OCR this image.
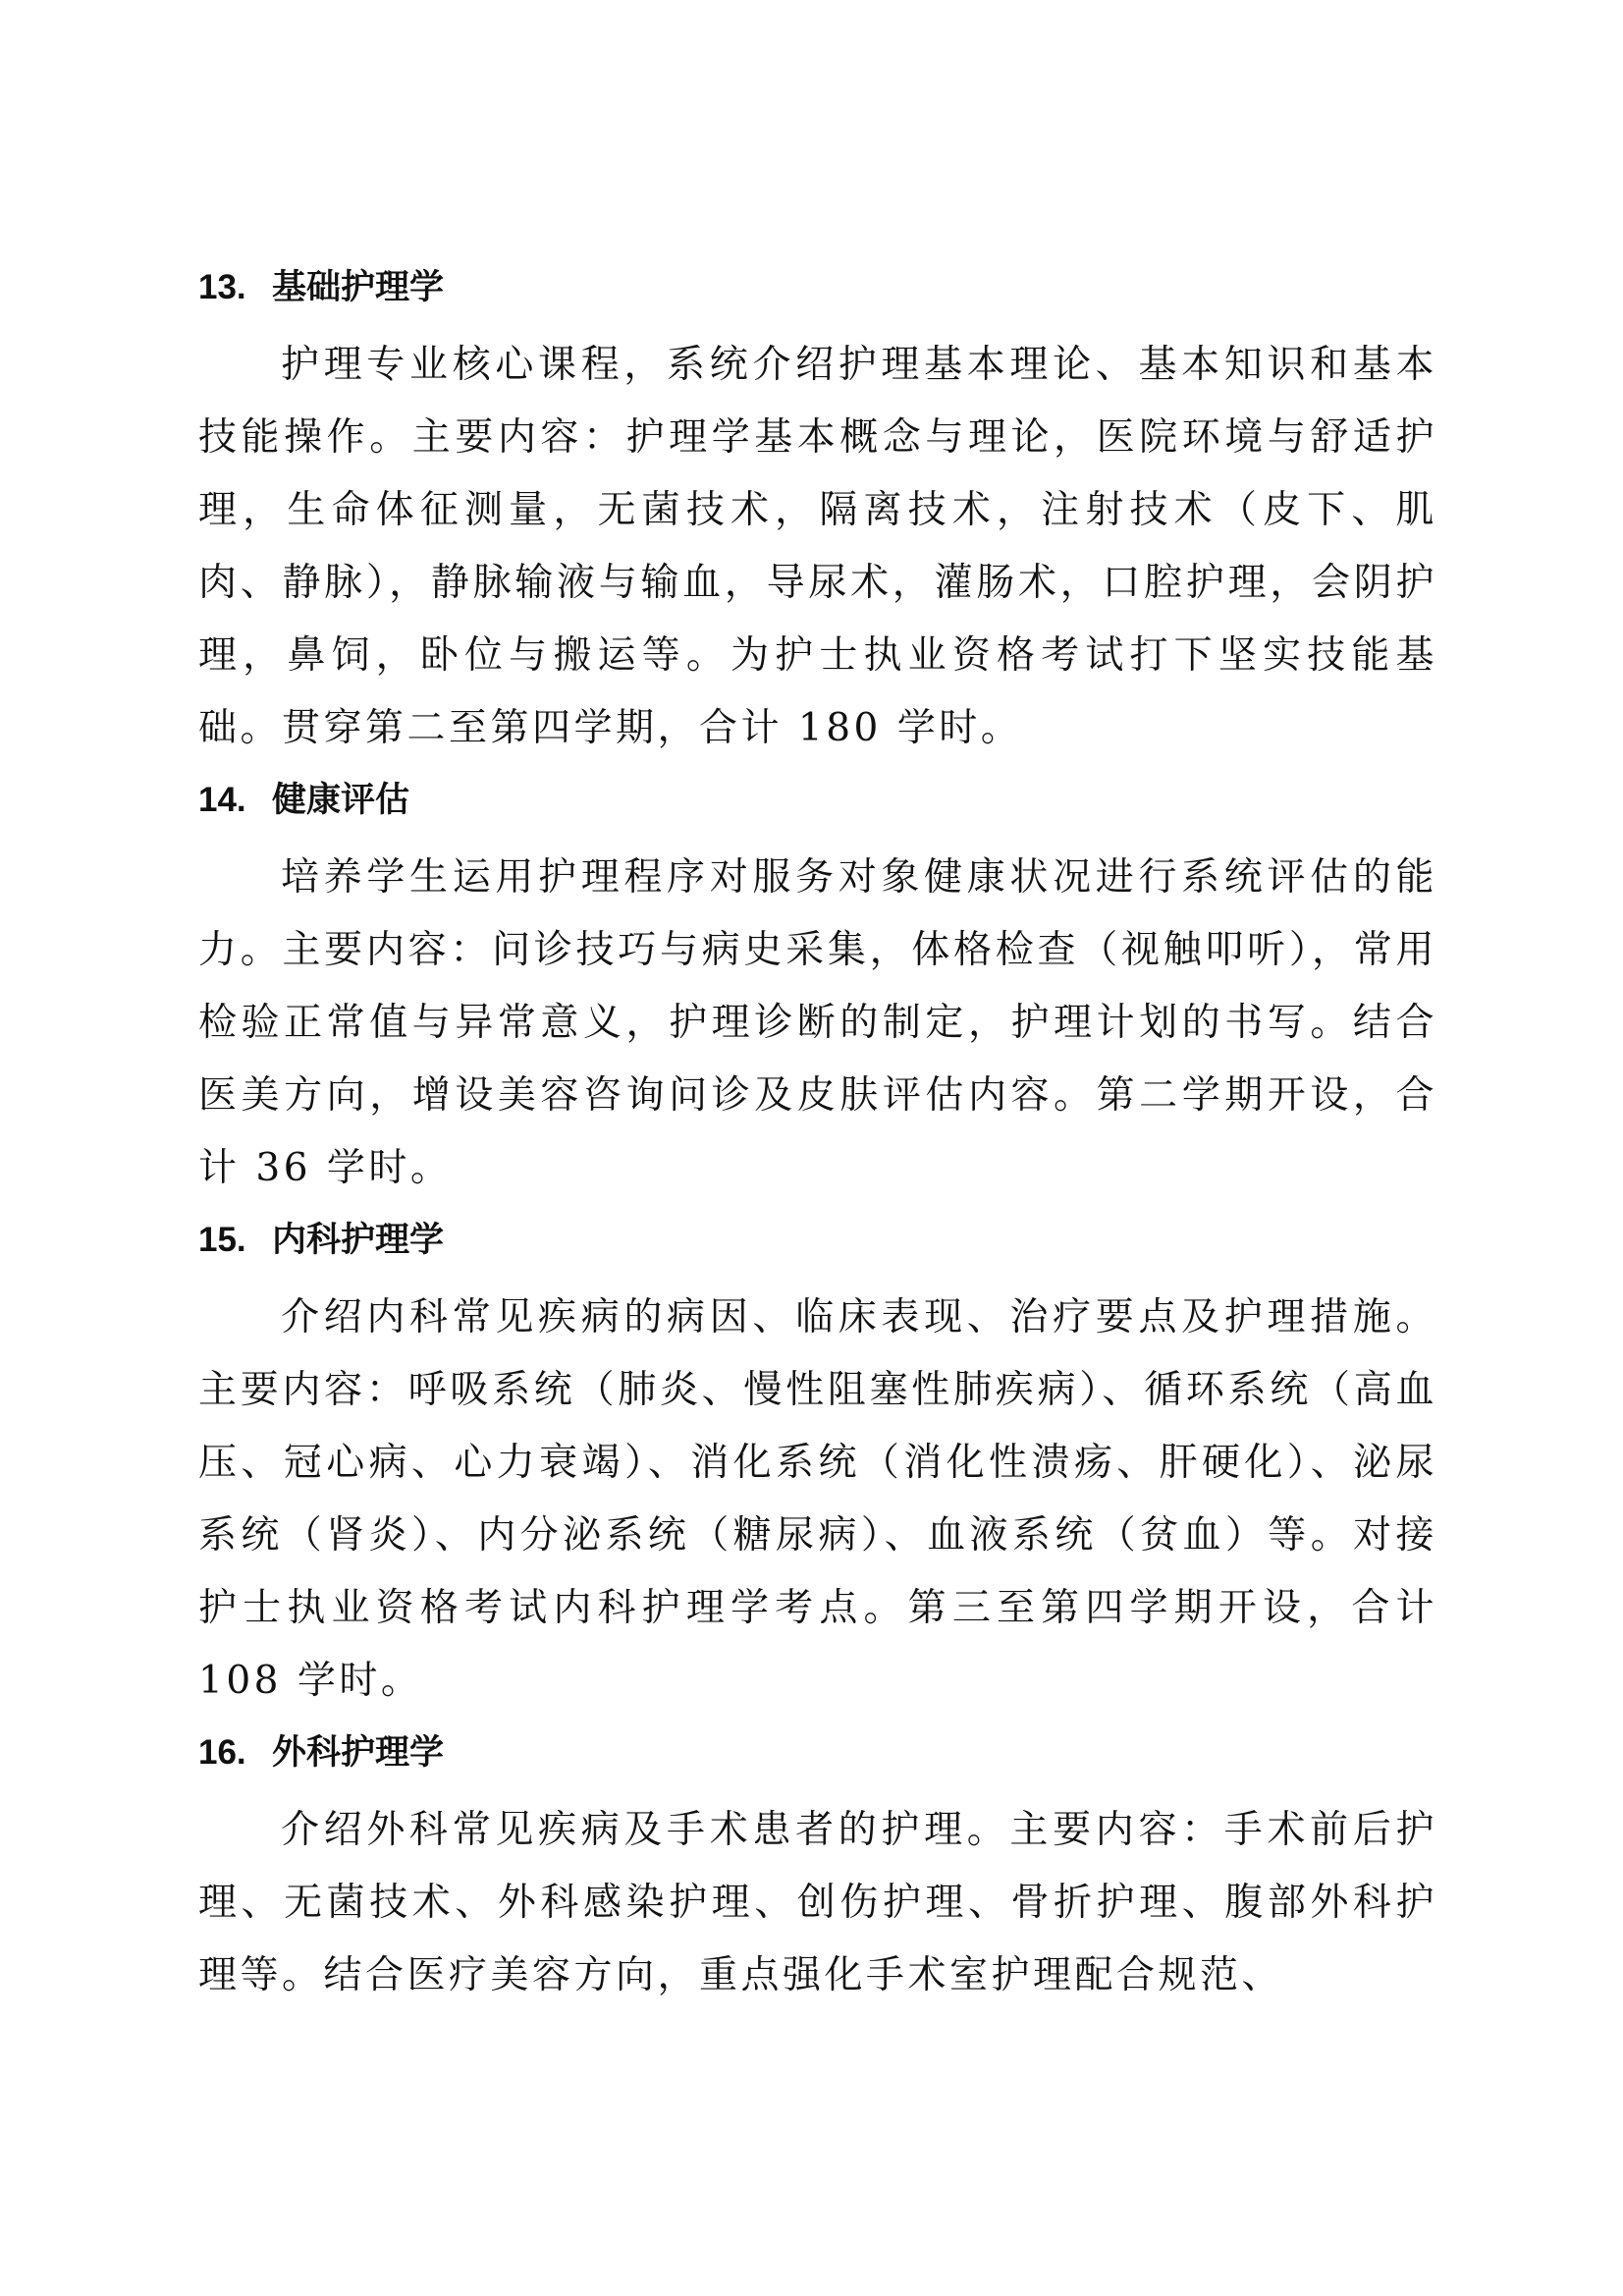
13. 基础护理学

护理专业核心课程，系统介绍护理基本理论、基本知识和基本技能操作。主要内容：护理学基本概念与理论，医院环境与舒适护理，生命体征测量，无菌技术，隔离技术，注射技术（皮下、肌肉、静脉），静脉输液与输血，导尿术，灌肠术，口腔护理，会阴护理，鼻饲，卧位与搬运等。为护士执业资格考试打下坚实技能基础。贯穿第二至第四学期，合计 180 学时。

14. 健康评估

培养学生运用护理程序对服务对象健康状况进行系统评估的能力。主要内容：问诊技巧与病史采集，体格检查（视触叩听），常用检验正常值与异常意义，护理诊断的制定，护理计划的书写。结合医美方向，增设美容咨询问诊及皮肤评估内容。第二学期开设，合计 36 学时。

15. 内科护理学

介绍内科常见疾病的病因、临床表现、治疗要点及护理措施。主要内容：呼吸系统（肺炎、慢性阻塞性肺疾病）、循环系统（高血压、冠心病、心力衰竭）、消化系统（消化性溃疡、肝硬化）、泌尿系统（肾炎）、内分泌系统（糖尿病）、血液系统（贫血）等。对接护士执业资格考试内科护理学考点。第三至第四学期开设，合计 108 学时。

16. 外科护理学

介绍外科常见疾病及手术患者的护理。主要内容：手术前后护理、无菌技术、外科感染护理、创伤护理、骨折护理、腹部外科护理等。结合医疗美容方向，重点强化手术室护理配合规范、
